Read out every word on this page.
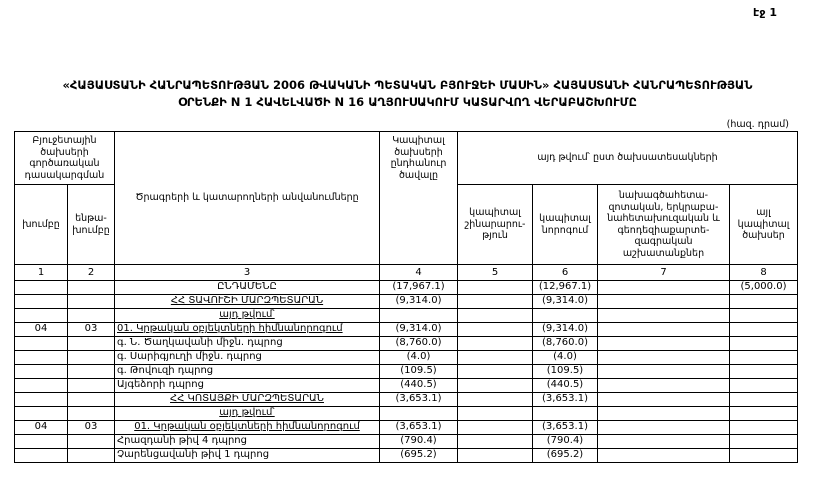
էջ 1
«ՀԱՅԱՍՏԱՆԻ ՀԱՆՐԱՊԵՏՈՒԹՅԱՆ 2006 ԹՎԱԿԱՆԻ ՊԵՏԱԿԱՆ ԲՅՈՒՋԵԻ ՄԱՍԻՆ» ՀԱՅԱՍՏԱՆԻ ՀԱՆՐԱՊԵՏՈՒԹՅԱՆ
ՕՐԵՆՔԻ N 1 ՀԱՎԵԼՎԱԾԻ N 16 ԱՂՅՈՒՍԱԿՈՒՄ ԿԱՏԱՐՎՈՂ ՎԵՐԱԲԱՇԽՈՒՄԸ
(հազ. դրամ)
Բյուջետային ծախսերի գործառական դասակարգման		Ծրագրերի և կատարողների անվանումները	Կապիտալ ծախսերի ընդհանուր ծավալը	այդ թվում՝ ըստ ծախսատեսակների			
խումբը	ենթա-խումբը			կապիտալ շինարարու-թյուն	կապիտալ նորոգում	նախագծահետա-զոտական, երկրաբա-նահետախուզական և գեոդեզիաքարտե-զագրական աշխատանքներ	այլ կապիտալ ծախսեր
1	2	3	4	5	6	7	8
		ԸՆԴԱՄԵՆԸ	(17,967.1)		(12,967.1)		(5,000.0)
		ՀՀ ՏԱՎՈՒՇԻ ՄԱՐԶՊԵՏԱՐԱՆ	(9,314.0)		(9,314.0)		
		այդ թվում՝					
04	03	01. Կրթական օբյեկտների հիմնանորոգում	(9,314.0)		(9,314.0)		
		գ. Ն. Ծաղկավանի միջն. դպրոց	(8,760.0)		(8,760.0)		
		գ. Սարիգյուղի միջն. դպրոց	(4.0)		(4.0)		
		գ. Թովուզի դպրոց	(109.5)		(109.5)		
		Այգեձորի դպրոց	(440.5)		(440.5)		
		ՀՀ ԿՈՏԱՅՔԻ ՄԱՐԶՊԵՏԱՐԱՆ	(3,653.1)		(3,653.1)		
		այդ թվում՝					
04	03	01. Կրթական օբյեկտների հիմնանորոգում	(3,653.1)		(3,653.1)		
		Հրազդանի թիվ 4 դպրոց	(790.4)		(790.4)		
		Չարենցավանի թիվ 1 դպրոց	(695.2)		(695.2)		
